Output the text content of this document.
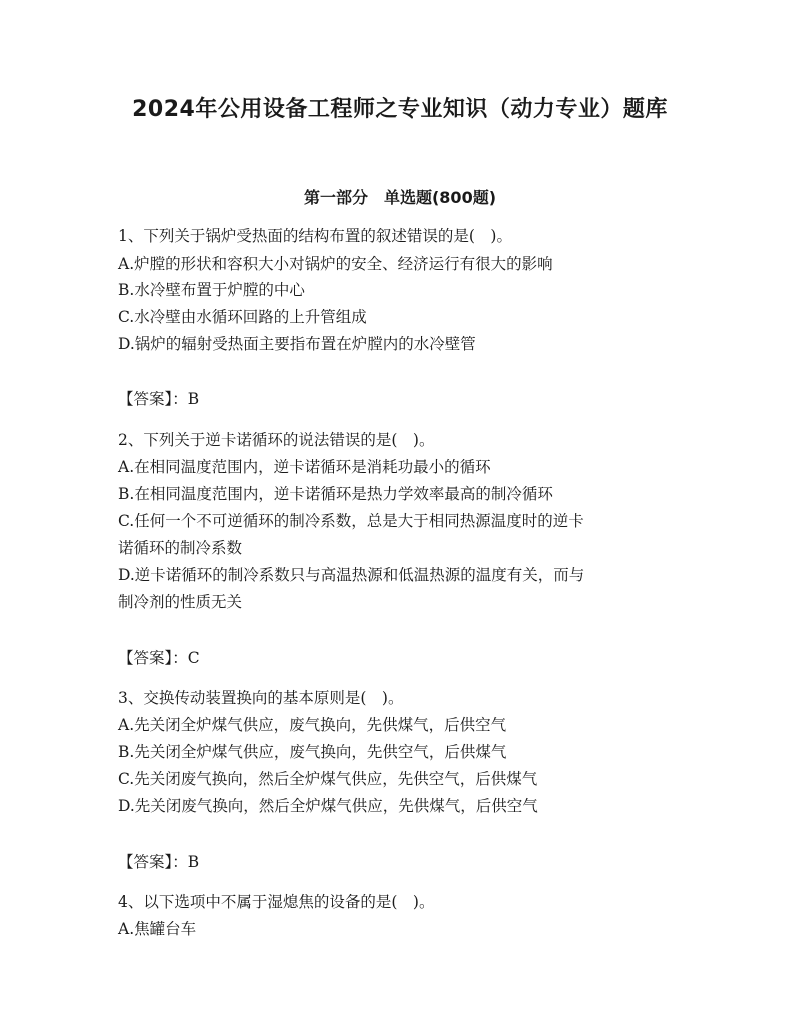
2024年公用设备工程师之专业知识（动力专业）题库
第一部分　单选题(800题)
1、下列关于锅炉受热面的结构布置的叙述错误的是(　)。
A.炉膛的形状和容积大小对锅炉的安全、经济运行有很大的影响
B.水冷壁布置于炉膛的中心
C.水冷壁由水循环回路的上升管组成
D.锅炉的辐射受热面主要指布置在炉膛内的水冷壁管
【答案】：B
2、下列关于逆卡诺循环的说法错误的是(　)。
A.在相同温度范围内，逆卡诺循环是消耗功最小的循环
B.在相同温度范围内，逆卡诺循环是热力学效率最高的制冷循环
C.任何一个不可逆循环的制冷系数，总是大于相同热源温度时的逆卡
诺循环的制冷系数
D.逆卡诺循环的制冷系数只与高温热源和低温热源的温度有关，而与
制冷剂的性质无关
【答案】：C
3、交换传动装置换向的基本原则是(　)。
A.先关闭全炉煤气供应，废气换向，先供煤气，后供空气
B.先关闭全炉煤气供应，废气换向，先供空气，后供煤气
C.先关闭废气换向，然后全炉煤气供应，先供空气，后供煤气
D.先关闭废气换向，然后全炉煤气供应，先供煤气，后供空气
【答案】：B
4、以下选项中不属于湿熄焦的设备的是(　)。
A.焦罐台车
